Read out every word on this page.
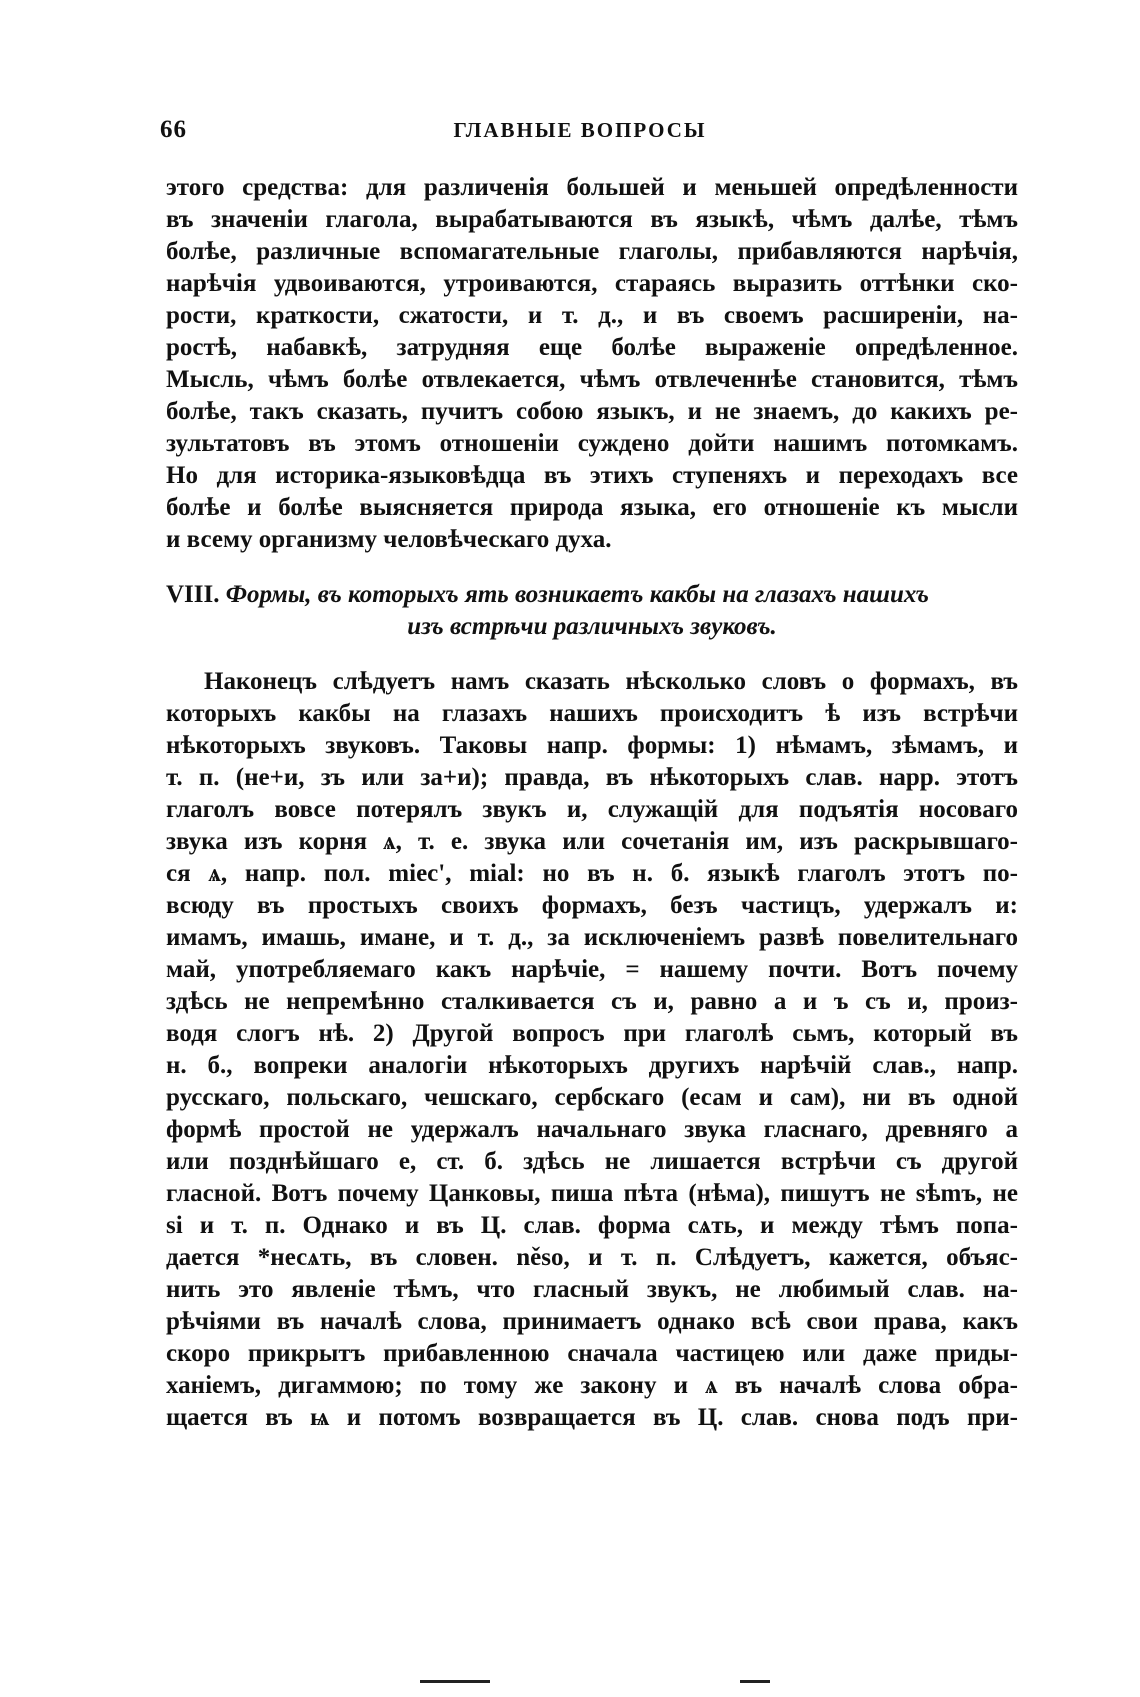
66	ГЛАВНЫЕ ВОПРОСЫ
этого средства: для различенія большей и меньшей опредѣленности
въ значеніи глагола, вырабатываются въ языкѣ, чѣмъ далѣе, тѣмъ
болѣе, различные вспомагательные глаголы, прибавляются нарѣчія,
нарѣчія удвоиваются, утроиваются, стараясь выразить оттѣнки ско-
рости, краткости, сжатости, и т. д., и въ своемъ расширеніи, на-
ростѣ, набавкѣ, затрудняя еще болѣе выраженіе опредѣленное.
Мысль, чѣмъ болѣе отвлекается, чѣмъ отвлеченнѣе становится, тѣмъ
болѣе, такъ сказать, пучитъ собою языкъ, и не знаемъ, до какихъ ре-
зультатовъ въ этомъ отношеніи суждено дойти нашимъ потомкамъ.
Но для историка-языковѣдца въ этихъ ступеняхъ и переходахъ все
болѣе и болѣе выясняется природа языка, его отношеніе къ мысли
и всему организму человѣческаго духа.
VIII. Формы, въ которыхъ ять возникаетъ какбы на глазахъ нашихъ
изъ встрѣчи различныхъ звуковъ.
Наконецъ слѣдуетъ намъ сказать нѣсколько словъ о формахъ, въ
которыхъ какбы на глазахъ нашихъ происходитъ ѣ изъ встрѣчи
нѣкоторыхъ звуковъ. Таковы напр. формы: 1) нѣмамъ, зѣмамъ, и
т. п. (не+и, зъ или за+и); правда, въ нѣкоторыхъ слав. нарр. этотъ
глаголъ вовсе потерялъ звукъ и, служащій для подъятія носоваго
звука изъ корня ѧ, т. е. звука или сочетанія им, изъ раскрывшаго-
ся ѧ, напр. пол. miec', mial: но въ н. б. языкѣ глаголъ этотъ по-
всюду въ простыхъ своихъ формахъ, безъ частицъ, удержалъ и:
имамъ, имашь, имане, и т. д., за исключеніемъ развѣ повелительнаго
май, употребляемаго какъ нарѣчіе, = нашему почти. Вотъ почему
здѣсь не непремѣнно сталкивается съ и, равно а и ъ съ и, произ-
водя слогъ нѣ. 2) Другой вопросъ при глаголѣ сьмъ, который въ
н. б., вопреки аналогіи нѣкоторыхъ другихъ нарѣчій слав., напр.
русскаго, польскаго, чешскаго, сербскаго (есам и сам), ни въ одной
формѣ простой не удержалъ начальнаго звука гласнаго, древняго а
или позднѣйшаго е, ст. б. здѣсь не лишается встрѣчи съ другой
гласной. Вотъ почему Цанковы, пиша пѣта (нѣма), пишутъ не sѣmъ, не
si и т. п. Однако и въ Ц. слав. форма сѧть, и между тѣмъ попа-
дается *несѧть, въ словен. něso, и т. п. Слѣдуетъ, кажется, объяс-
нить это явленіе тѣмъ, что гласный звукъ, не любимый слав. на-
рѣчіями въ началѣ слова, принимаетъ однако всѣ свои права, какъ
скоро прикрытъ прибавленною сначала частицею или даже приды-
ханіемъ, дигаммою; по тому же закону и ѧ въ началѣ слова обра-
щается въ ѩ и потомъ возвращается въ Ц. слав. снова подъ при-
